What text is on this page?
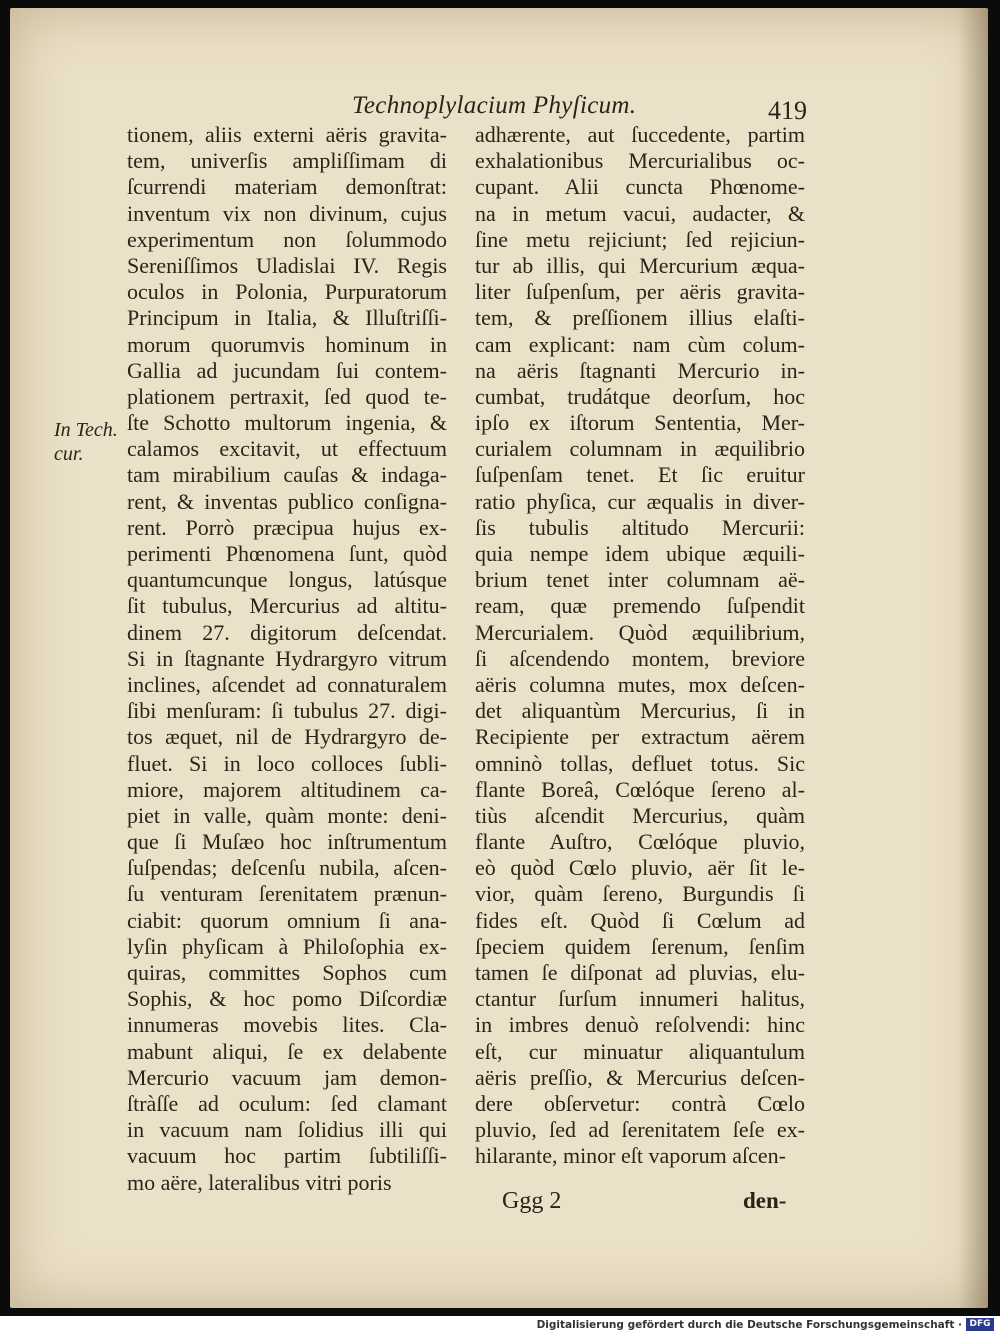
Technoplylacium Phyſicum.	419
In Tech.
cur.
tionem, aliis externi aëris gravita-
tem, univerſis ampliſſimam di
ſcurrendi materiam demonſtrat:
inventum vix non divinum, cujus
experimentum non ſolummodo
Sereniſſimos Uladislai IV. Regis
oculos in Polonia, Purpuratorum
Principum in Italia, & Illuſtriſſi-
morum quorumvis hominum in
Gallia ad jucundam ſui contem-
plationem pertraxit, ſed quod te-
ſte Schotto multorum ingenia, &
calamos excitavit, ut effectuum
tam mirabilium cauſas & indaga-
rent, & inventas publico conſigna-
rent. Porrò præcipua hujus ex-
perimenti Phœnomena ſunt, quòd
quantumcunque longus, latúsque
ſit tubulus, Mercurius ad altitu-
dinem 27. digitorum deſcendat.
Si in ſtagnante Hydrargyro vitrum
inclines, aſcendet ad connaturalem
ſibi menſuram: ſi tubulus 27. digi-
tos æquet, nil de Hydrargyro de-
fluet. Si in loco colloces ſubli-
miore, majorem altitudinem ca-
piet in valle, quàm monte: deni-
que ſi Muſæo hoc inſtrumentum
ſuſpendas; deſcenſu nubila, aſcen-
ſu venturam ſerenitatem prænun-
ciabit: quorum omnium ſi ana-
lyſin phyſicam à Philoſophia ex-
quiras, committes Sophos cum
Sophis, & hoc pomo Diſcordiæ
innumeras movebis lites. Cla-
mabunt aliqui, ſe ex delabente
Mercurio vacuum jam demon-
ſtràſſe ad oculum: ſed clamant
in vacuum nam ſolidius illi qui
vacuum hoc partim ſubtiliſſi-
mo aëre, lateralibus vitri poris
adhærente, aut ſuccedente, partim
exhalationibus Mercurialibus oc-
cupant. Alii cuncta Phœnome-
na in metum vacui, audacter, &
ſine metu rejiciunt; ſed rejiciun-
tur ab illis, qui Mercurium æqua-
liter ſuſpenſum, per aëris gravita-
tem, & preſſionem illius elaſti-
cam explicant: nam cùm colum-
na aëris ſtagnanti Mercurio in-
cumbat, trudátque deorſum, hoc
ipſo ex iſtorum Sententia, Mer-
curialem columnam in æquilibrio
ſuſpenſam tenet. Et ſic eruitur
ratio phyſica, cur æqualis in diver-
ſis tubulis altitudo Mercurii:
quia nempe idem ubique æquili-
brium tenet inter columnam aë-
ream, quæ premendo ſuſpendit
Mercurialem. Quòd æquilibrium,
ſi aſcendendo montem, breviore
aëris columna mutes, mox deſcen-
det aliquantùm Mercurius, ſi in
Recipiente per extractum aërem
omninò tollas, defluet totus. Sic
flante Boreâ, Cœlóque ſereno al-
tiùs aſcendit Mercurius, quàm
flante Auſtro, Cœlóque pluvio,
eò quòd Cœlo pluvio, aër ſit le-
vior, quàm ſereno, Burgundis ſi
fides eſt. Quòd ſi Cœlum ad
ſpeciem quidem ſerenum, ſenſim
tamen ſe diſponat ad pluvias, elu-
ctantur ſurſum innumeri halitus,
in imbres denuò reſolvendi: hinc
eſt, cur minuatur aliquantulum
aëris preſſio, & Mercurius deſcen-
dere obſervetur: contrà Cœlo
pluvio, ſed ad ſerenitatem ſeſe ex-
hilarante, minor eſt vaporum aſcen-
Ggg 2	den-
Digitalisierung gefördert durch die Deutsche Forschungsgemeinschaft · DFG
